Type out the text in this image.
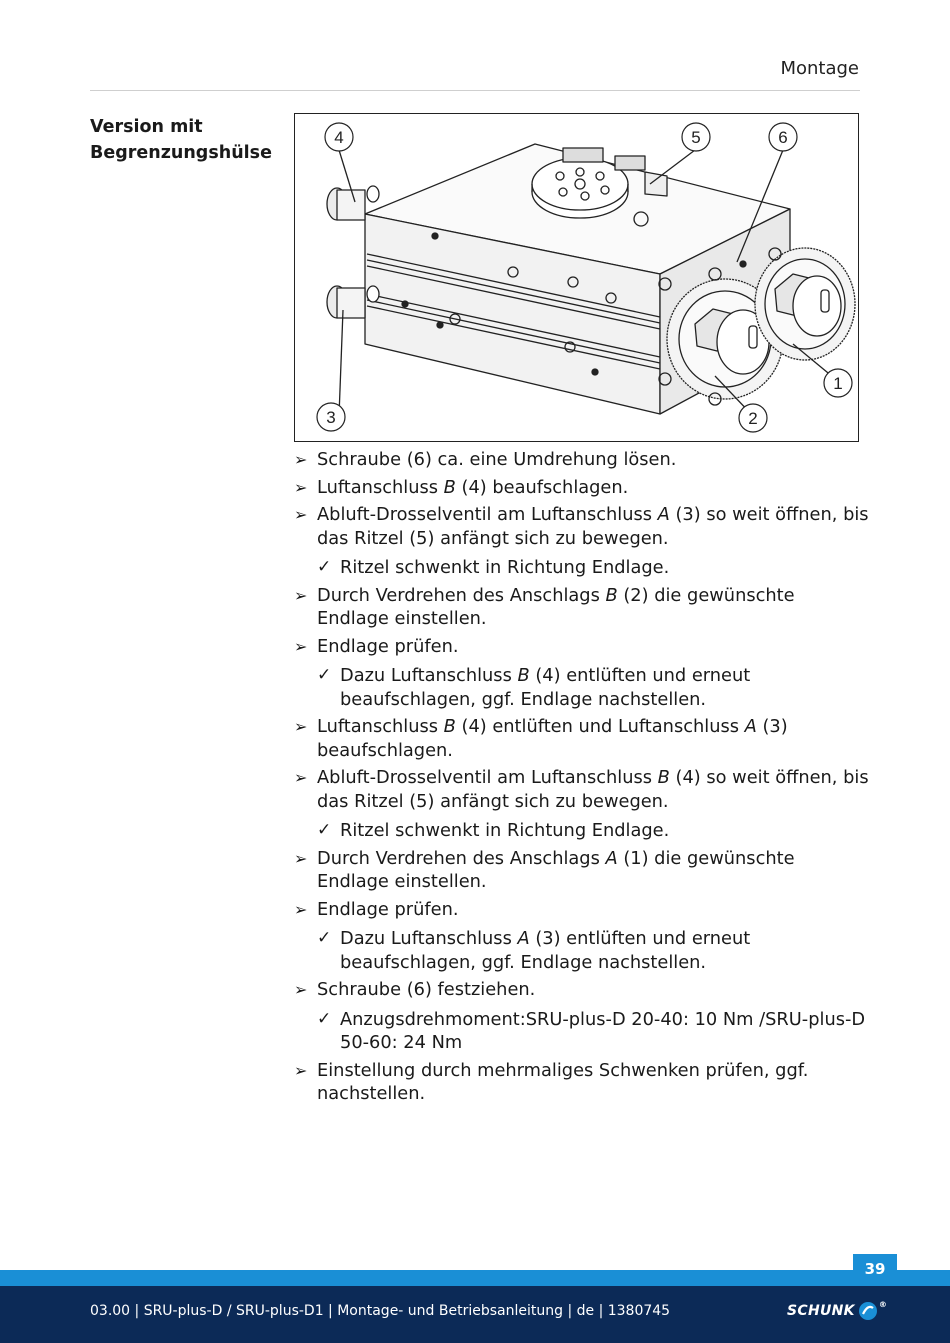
Montage
Version mit Begrenzungshülse
4	5	6
1
3	2
➢ Schraube (6) ca. eine Umdrehung lösen.
➢ Luftanschluss B (4) beaufschlagen.
➢ Abluft-Drosselventil am Luftanschluss A (3) so weit öffnen, bis das Ritzel (5) anfängt sich zu bewegen.
✓ Ritzel schwenkt in Richtung Endlage.
➢ Durch Verdrehen des Anschlags B (2) die gewünschte Endlage einstellen.
➢ Endlage prüfen.
✓ Dazu Luftanschluss B (4) entlüften und erneut beaufschlagen, ggf. Endlage nachstellen.
➢ Luftanschluss B (4) entlüften und Luftanschluss A (3) beaufschlagen.
➢ Abluft-Drosselventil am Luftanschluss B (4) so weit öffnen, bis das Ritzel (5) anfängt sich zu bewegen.
✓ Ritzel schwenkt in Richtung Endlage.
➢ Durch Verdrehen des Anschlags A (1) die gewünschte Endlage einstellen.
➢ Endlage prüfen.
✓ Dazu Luftanschluss A (3) entlüften und erneut beaufschlagen, ggf. Endlage nachstellen.
➢ Schraube (6) festziehen.
✓ Anzugsdrehmoment:SRU-plus-D 20-40: 10 Nm /SRU-plus-D 50-60: 24 Nm
➢ Einstellung durch mehrmaliges Schwenken prüfen, ggf. nachstellen.
39
03.00 | SRU-plus-D / SRU-plus-D1 | Montage- und Betriebsanleitung | de | 1380745	SCHUNK	®
